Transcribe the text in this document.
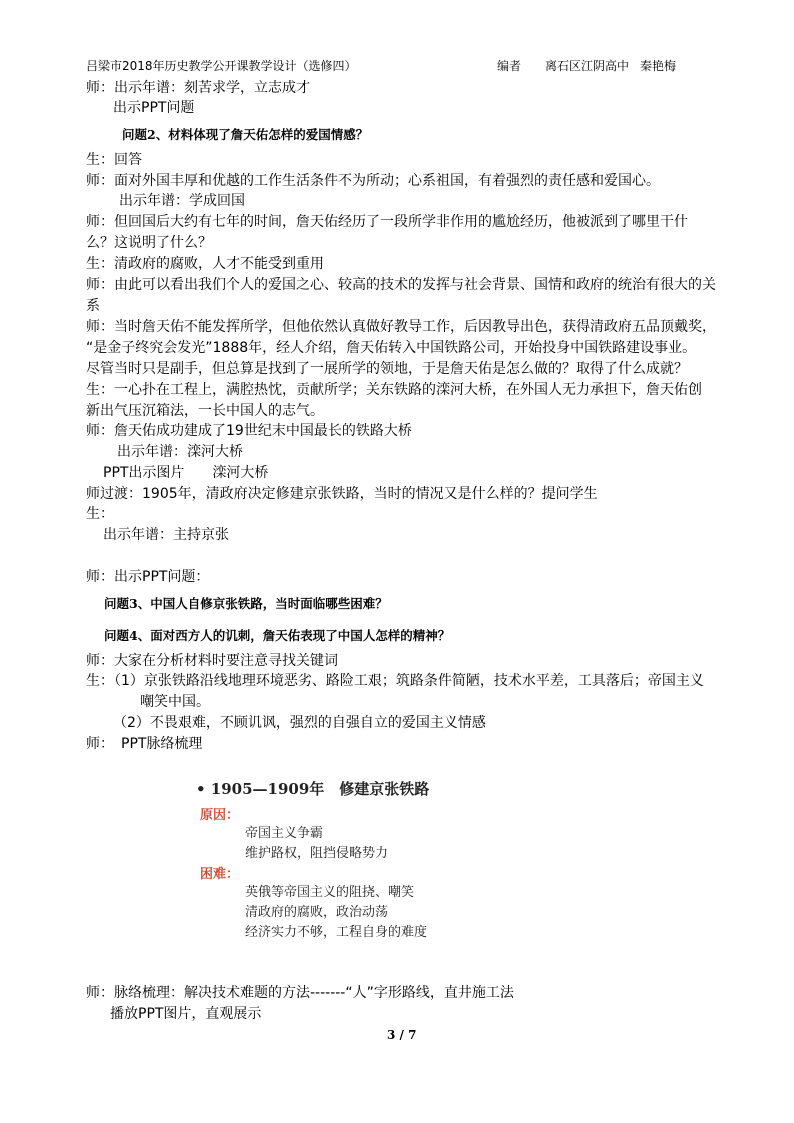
吕梁市2018年历史教学公开课教学设计（选修四）	编者 离石区江阴高中 秦艳梅
师：出示年谱：刻苦求学，立志成才
出示PPT问题
问题2、材料体现了詹天佑怎样的爱国情感？
生：回答
师：面对外国丰厚和优越的工作生活条件不为所动；心系祖国，有着强烈的责任感和爱国心。
出示年谱：学成回国
师：但回国后大约有七年的时间，詹天佑经历了一段所学非作用的尴尬经历，他被派到了哪里干什
么？这说明了什么？
生：清政府的腐败，人才不能受到重用
师：由此可以看出我们个人的爱国之心、较高的技术的发挥与社会背景、国情和政府的统治有很大的关
系
师：当时詹天佑不能发挥所学，但他依然认真做好教导工作，后因教导出色，获得清政府五品顶戴奖，
“是金子终究会发光”1888年，经人介绍，詹天佑转入中国铁路公司，开始投身中国铁路建设事业。
尽管当时只是副手，但总算是找到了一展所学的领地，于是詹天佑是怎么做的？取得了什么成就？
生：一心扑在工程上，满腔热忱，贡献所学；关东铁路的滦河大桥，在外国人无力承担下，詹天佑创
新出气压沉箱法，一长中国人的志气。
师：詹天佑成功建成了19世纪末中国最长的铁路大桥
出示年谱：滦河大桥
PPT出示图片　　滦河大桥
师过渡：1905年，清政府决定修建京张铁路，当时的情况又是什么样的？提问学生
生：
出示年谱：主持京张
师：出示PPT问题：
问题3、中国人自修京张铁路，当时面临哪些困难？
问题4、面对西方人的讥刺，詹天佑表现了中国人怎样的精神？
师：大家在分析材料时要注意寻找关键词
生：（1）京张铁路沿线地理环境恶劣、路险工艰；筑路条件简陋，技术水平差，工具落后；帝国主义
嘲笑中国。
（2）不畏艰难，不顾讥讽，强烈的自强自立的爱国主义情感
师：　PPT脉络梳理
• 1905—1909年　修建京张铁路
原因：
帝国主义争霸
维护路权，阻挡侵略势力
困难：
英俄等帝国主义的阻挠、嘲笑
清政府的腐败，政治动荡
经济实力不够，工程自身的难度
师：脉络梳理：解决技术难题的方法-------“人”字形路线，直井施工法
播放PPT图片，直观展示
3 / 7
